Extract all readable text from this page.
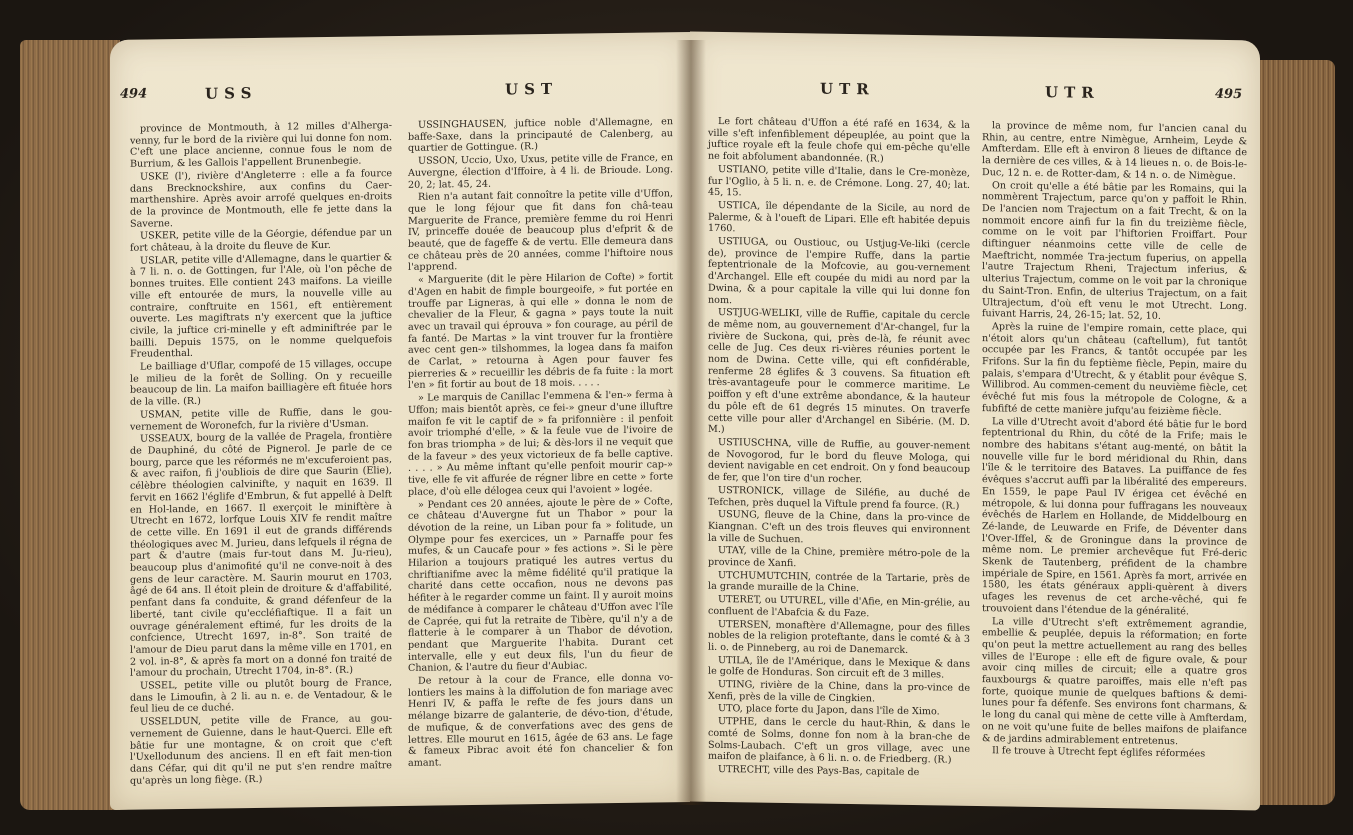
494	USS	UST

province de Montmouth, à 12 milles d'Alherga-venny, fur le bord de la rivière qui lui donne fon nom. C'eft une place ancienne, connue fous le nom de Burrium, & les Gallois l'appellent Brunenbegie.

USKE (l'), rivière d'Angleterre : elle a fa fource dans Brecknockshire, aux confins du Caer-marthenshire. Après avoir arrofé quelques en-droits de la province de Montmouth, elle fe jette dans la Saverne.

USKER, petite ville de la Géorgie, défendue par un fort château, à la droite du fleuve de Kur.

USLAR, petite ville d'Allemagne, dans le quartier & à 7 li. n. o. de Gottingen, fur l'Ale, où l'on pêche de bonnes truites. Elle contient 243 maifons. La vieille ville eft entourée de murs, la nouvelle ville au contraire, conftruite en 1561, eft entièrement ouverte. Les magiftrats n'y exercent que la juftice civile, la juftice cri-minelle y eft adminiftrée par le bailli. Depuis 1575, on le nomme quelquefois Freudenthal.

Le bailliage d'Uflar, compofé de 15 villages, occupe le milieu de la forêt de Solling. On y recueille beaucoup de lin. La maifon bailliagère eft fituée hors de la ville. (R.)

USMAN, petite ville de Ruffie, dans le gou-vernement de Woronefch, fur la rivière d'Usman.

USSEAUX, bourg de la vallée de Pragela, frontière de Dauphiné, du côté de Pignerol. Je parle de ce bourg, parce que les réformés ne m'excuferoient pas, & avec raifon, fi j'oubliois de dire que Saurin (Elie), célèbre théologien calvinifte, y naquit en 1639. Il fervit en 1662 l'églife d'Embrun, & fut appellé à Delft en Hol-lande, en 1667. Il exerçoit le miniftère à Utrecht en 1672, lorfque Louis XIV fe rendit maître de cette ville. En 1691 il eut de grands différends théologiques avec M. Jurieu, dans lefquels il régna de part & d'autre (mais fur-tout dans M. Ju-rieu), beaucoup plus d'animofité qu'il ne conve-noit à des gens de leur caractère. M. Saurin mourut en 1703, âgé de 64 ans. Il étoit plein de droiture & d'affabilité, penfant dans fa conduite, & grand défenfeur de la liberté, tant civile qu'eccléfiaftique. Il a fait un ouvrage généralement eftimé, fur les droits de la confcience, Utrecht 1697, in-8°. Son traité de l'amour de Dieu parut dans la même ville en 1701, en 2 vol. in-8°, & après fa mort on a donné fon traité de l'amour du prochain, Utrecht 1704, in-8°. (R.)

USSEL, petite ville ou plutôt bourg de France, dans le Limoufin, à 2 li. au n. e. de Ventadour, & le feul lieu de ce duché.

USSELDUN, petite ville de France, au gou-vernement de Guienne, dans le haut-Querci. Elle eft bâtie fur une montagne, & on croit que c'eft l'Uxellodunum des anciens. Il en eft fait men-tion dans Céfar, qui dit qu'il ne put s'en rendre maître qu'après un long fiège. (R.)

USSINGHAUSEN, juftice noble d'Allemagne, en baffe-Saxe, dans la principauté de Calenberg, au quartier de Gottingue. (R.)

USSON, Uccio, Uxo, Uxus, petite ville de France, en Auvergne, élection d'Iffoire, à 4 li. de Brioude. Long. 20, 2; lat. 45, 24.

Rien n'a autant fait connoître la petite ville d'Uffon, que le long féjour que fit dans fon châ-teau Marguerite de France, première femme du roi Henri IV, princeffe douée de beaucoup plus d'efprit & de beauté, que de fageffe & de vertu. Elle demeura dans ce château près de 20 années, comme l'hiftoire nous l'apprend.

« Marguerite (dit le père Hilarion de Cofte) » fortit d'Agen en habit de fimple bourgeoife, » fut portée en trouffe par Ligneras, à qui elle » donna le nom de chevalier de la Fleur, & gagna » pays toute la nuit avec un travail qui éprouva » fon courage, au péril de fa fanté. De Martas » la vint trouver fur la frontière avec cent gen-» tilshommes, la logea dans fa maifon de Carlat, » retourna à Agen pour fauver fes pierreries & » recueillir les débris de fa fuite : la mort l'en » fit fortir au bout de 18 mois. . . . .

» Le marquis de Canillac l'emmena & l'en-» ferma à Uffon; mais bientôt après, ce fei-» gneur d'une illuftre maifon fe vit le captif de » fa prifonnière : il penfoit avoir triomphé d'elle, » & la feule vue de l'ivoire de fon bras triompha » de lui; & dès-lors il ne vequit que de la faveur » des yeux victorieux de fa belle captive. . . . . » Au même inftant qu'elle penfoit mourir cap-» tive, elle fe vit affurée de régner libre en cette » forte place, d'où elle délogea ceux qui l'avoient » logée.

» Pendant ces 20 années, ajoute le père de » Cofte, ce château d'Auvergne fut un Thabor » pour la dévotion de la reine, un Liban pour fa » folitude, un Olympe pour fes exercices, un » Parnaffe pour fes mufes, & un Caucafe pour » fes actions ». Si le père Hilarion a toujours pratiqué les autres vertus du chriftianifme avec la même fidélité qu'il pratique la charité dans cette occafion, nous ne devons pas héfiter à le regarder comme un faint. Il y auroit moins de médifance à comparer le château d'Uffon avec l'île de Caprée, qui fut la retraite de Tibère, qu'il n'y a de flatterie à le comparer à un Thabor de dévotion, pendant que Marguerite l'habita. Durant cet intervalle, elle y eut deux fils, l'un du fieur de Chanion, & l'autre du fieur d'Aubiac.

De retour à la cour de France, elle donna vo-lontiers les mains à la diffolution de fon mariage avec Henri IV, & paffa le refte de fes jours dans un mélange bizarre de galanterie, de dévo-tion, d'étude, de mufique, & de converfations avec des gens de lettres. Elle mourut en 1615, âgée de 63 ans. Le fage & fameux Pibrac avoit été fon chancelier & fon amant.

UTR	UTR	495

Le fort château d'Uffon a été rafé en 1634, & la ville s'eft infenfiblement dépeuplée, au point que la juftice royale eft la feule chofe qui em-pêche qu'elle ne foit abfolument abandonnée. (R.)

USTIANO, petite ville d'Italie, dans le Cre-monèze, fur l'Oglio, à 5 li. n. e. de Crémone. Long. 27, 40; lat. 45, 15.

USTICA, île dépendante de la Sicile, au nord de Palerme, & à l'oueft de Lipari. Elle eft habitée depuis 1760.

USTIUGA, ou Oustiouc, ou Ustjug-Ve-liki (cercle de), province de l'empire Ruffe, dans la partie feptentrionale de la Mofcovie, au gou-vernement d'Archangel. Elle eft coupée du midi au nord par la Dwina, & a pour capitale la ville qui lui donne fon nom.

USTJUG-WELIKI, ville de Ruffie, capitale du cercle de même nom, au gouvernement d'Ar-changel, fur la rivière de Suckona, qui, près de-là, fe réunit avec celle de Jug. Ces deux ri-vières réunies portent le nom de Dwina. Cette ville, qui eft confidérable, renferme 28 églifes & 3 couvens. Sa fituation eft très-avantageufe pour le commerce maritime. Le poiffon y eft d'une extrême abondance, & la hauteur du pôle eft de 61 degrés 15 minutes. On traverfe cette ville pour aller d'Archangel en Sibérie. (M. D. M.)

USTIUSCHNA, ville de Ruffie, au gouver-nement de Novogorod, fur le bord du fleuve Mologa, qui devient navigable en cet endroit. On y fond beaucoup de fer, que l'on tire d'un rocher.

USTRONICK, village de Siléfie, au duché de Tefchen, près duquel la Viftule prend fa fource. (R.)

USUNG, fleuve de la Chine, dans la pro-vince de Kiangnan. C'eft un des trois fleuves qui environnent la ville de Suchuen.

UTAY, ville de la Chine, première métro-pole de la province de Xanfi.

UTCHUMUTCHIN, contrée de la Tartarie, près de la grande muraille de la Chine.

UTERET, ou UTUREL, ville d'Afie, en Min-grélie, au confluent de l'Abafcia & du Faze.

UTERSEN, monaftère d'Allemagne, pour des filles nobles de la religion proteftante, dans le comté & à 3 li. o. de Pinneberg, au roi de Danemarck.

UTILA, île de l'Amérique, dans le Mexique & dans le golfe de Honduras. Son circuit eft de 3 milles.

UTING, rivière de la Chine, dans la pro-vince de Xenfi, près de la ville de Cingkien.

UTO, place forte du Japon, dans l'île de Ximo.

UTPHE, dans le cercle du haut-Rhin, & dans le comté de Solms, donne fon nom à la bran-che de Solms-Laubach. C'eft un gros village, avec une maifon de plaifance, à 6 li. n. o. de Friedberg. (R.)

UTRECHT, ville des Pays-Bas, capitale de

la province de même nom, fur l'ancien canal du Rhin, au centre, entre Nimègue, Arnheim, Leyde & Amfterdam. Elle eft à environ 8 lieues de diftance de la dernière de ces villes, & à 14 lieues n. o. de Bois-le-Duc, 12 n. e. de Rotter-dam, & 14 n. o. de Nimègue.

On croit qu'elle a été bâtie par les Romains, qui la nommèrent Trajectum, parce qu'on y paffoit le Rhin. De l'ancien nom Trajectum on a fait Trecht, & on la nommoit encore ainfi fur la fin du treizième fiècle, comme on le voit par l'hiftorien Froiffart. Pour diftinguer néanmoins cette ville de celle de Maeftricht, nommée Tra-jectum fuperius, on appella l'autre Trajectum Rheni, Trajectum inferius, & ulterius Trajectum, comme on le voit par la chronique du Saint-Tron. Enfin, de ulterius Trajectum, on a fait Ultrajectum, d'où eft venu le mot Utrecht. Long. fuivant Harris, 24, 26-15; lat. 52, 10.

Après la ruine de l'empire romain, cette place, qui n'étoit alors qu'un château (caftellum), fut tantôt occupée par les Francs, & tantôt occupée par les Frifons. Sur la fin du feptième fiècle, Pepin, maire du palais, s'empara d'Utrecht, & y établit pour évêque S. Willibrod. Au commen-cement du neuvième fiècle, cet évêché fut mis fous la métropole de Cologne, & a fubfifté de cette manière jufqu'au feizième fiècle.

La ville d'Utrecht avoit d'abord été bâtie fur le bord feptentrional du Rhin, du côté de la Frife; mais le nombre des habitans s'étant aug-menté, on bâtit la nouvelle ville fur le bord méridional du Rhin, dans l'île & le territoire des Bataves. La puiffance de fes évêques s'accrut auffi par la libéralité des empereurs. En 1559, le pape Paul IV érigea cet évêché en métropole, & lui donna pour fuffragans les nouveaux évêchés de Harlem en Hollande, de Middelbourg en Zé-lande, de Leuwarde en Frife, de Déventer dans l'Over-Iffel, & de Groningue dans la province de même nom. Le premier archevêque fut Fré-deric Skenk de Tautenberg, préfident de la chambre impériale de Spire, en 1561. Après fa mort, arrivée en 1580, les états généraux appli-quèrent à divers ufages les revenus de cet arche-vêché, qui fe trouvoient dans l'étendue de la généralité.

La ville d'Utrecht s'eft extrêmement agrandie, embellie & peuplée, depuis la réformation; en forte qu'on peut la mettre actuellement au rang des belles villes de l'Europe : elle eft de figure ovale, & pour avoir cinq milles de circuit; elle a quatre gros fauxbourgs & quatre paroiffes, mais elle n'eft pas forte, quoique munie de quelques baftions & demi-lunes pour fa défenfe. Ses environs font charmans, & le long du canal qui mène de cette ville à Amfterdam, on ne voit qu'une fuite de belles maifons de plaifance & de jardins admirablement entretenus.

Il fe trouve à Utrecht fept églifes réformées
